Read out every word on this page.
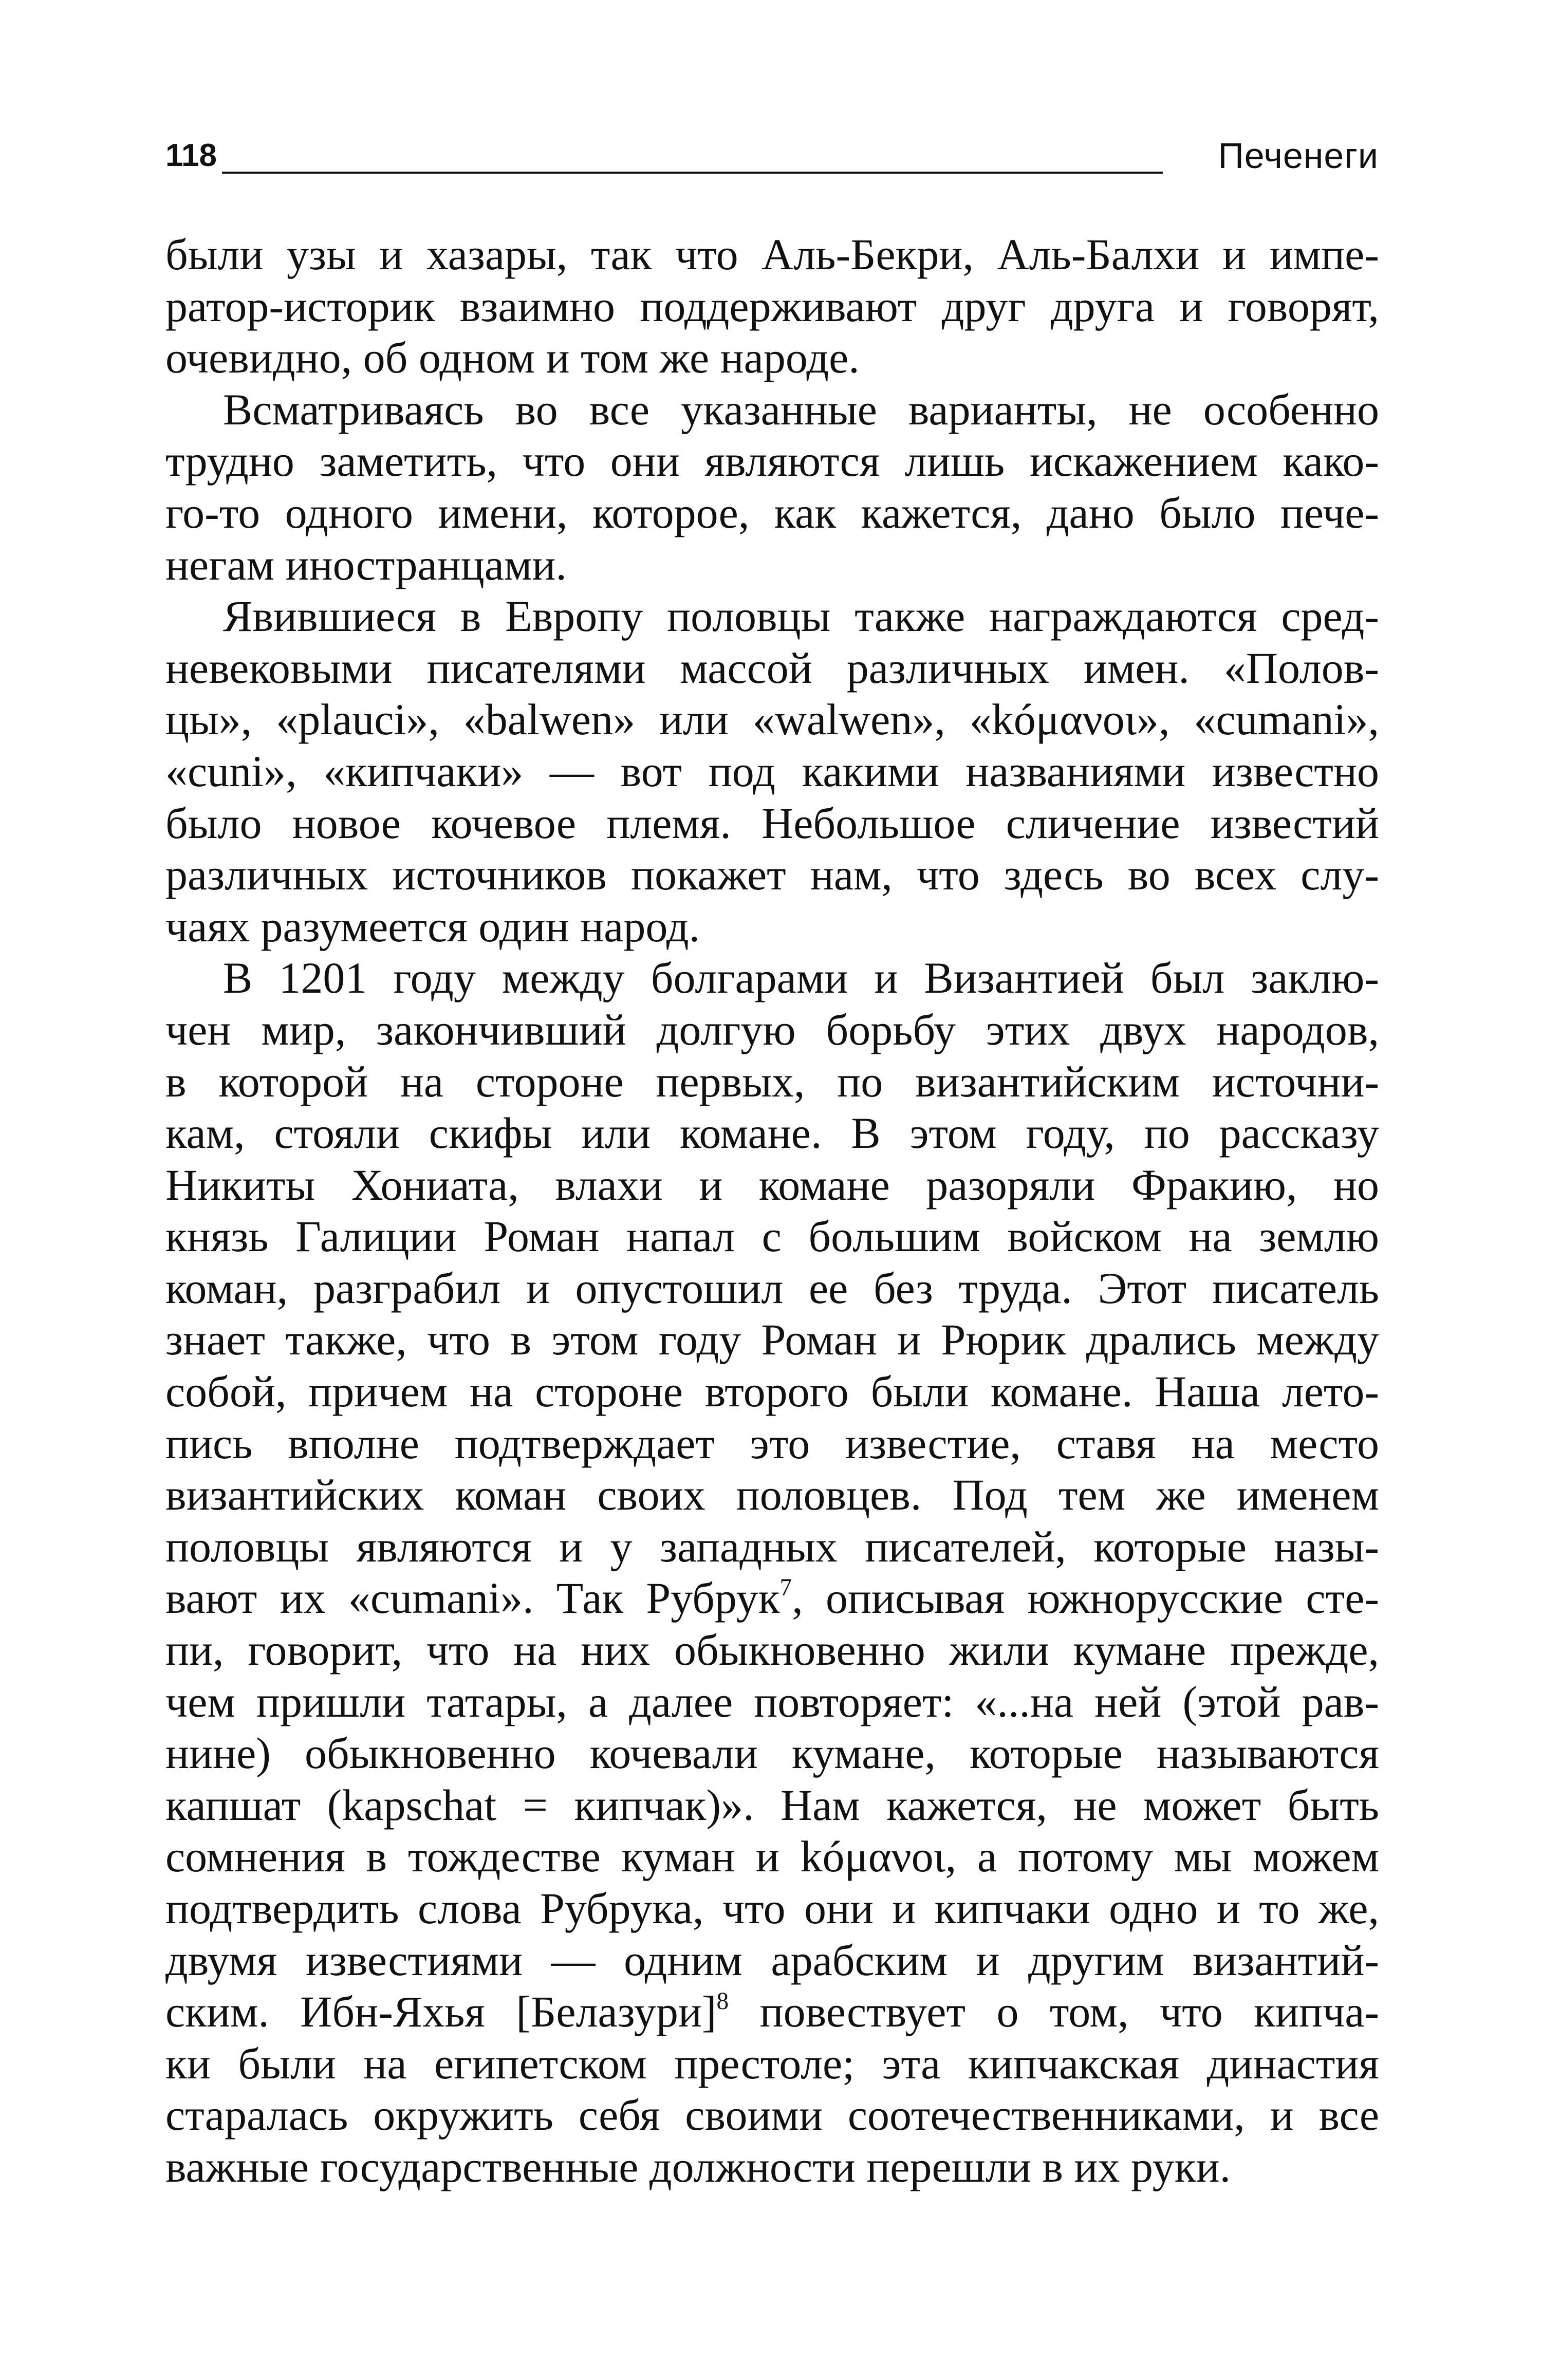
118	Печенеги
были узы и хазары, так что Аль-Бекри, Аль-Балхи и импе-
ратор-историк взаимно поддерживают друг друга и говорят,
очевидно, об одном и том же народе.
Всматриваясь во все указанные варианты, не особенно
трудно заметить, что они являются лишь искажением како-
го-то одного имени, которое, как кажется, дано было пече-
негам иностранцами.
Явившиеся в Европу половцы также награждаются сред-
невековыми писателями массой различных имен. «Полов-
цы», «plauci», «balwen» или «walwen», «kóμανοι», «cumani»,
«cuni», «кипчаки» — вот под какими названиями известно
было новое кочевое племя. Небольшое сличение известий
различных источников покажет нам, что здесь во всех слу-
чаях разумеется один народ.
В 1201 году между болгарами и Византией был заклю-
чен мир, закончивший долгую борьбу этих двух народов,
в которой на стороне первых, по византийским источни-
кам, стояли скифы или команe. В этом году, по рассказу
Никиты Хониата, влахи и команe разоряли Фракию, но
князь Галиции Роман напал с большим войском на землю
коман, разграбил и опустошил ее без труда. Этот писатель
знает также, что в этом году Роман и Рюрик дрались между
собой, причем на стороне второго были команe. Наша лето-
пись вполне подтверждает это известие, ставя на место
византийских коман своих половцев. Под тем же именем
половцы являются и у западных писателей, которые назы-
вают их «cumani». Так Рубрук$^7$, описывая южнорусские сте-
пи, говорит, что на них обыкновенно жили куманe прежде,
чем пришли татары, а далее повторяет: «...на ней (этой рав-
нине) обыкновенно кочевали куманe, которые называются
капшат (kapschat = кипчак)». Нам кажется, не может быть
сомнения в тождестве куман и kóμανοι, а потому мы можем
подтвердить слова Рубрука, что они и кипчаки одно и то же,
двумя известиями — одним арабским и другим византий-
ским. Ибн-Яхья [Белазури]$^8$ повествует о том, что кипча-
ки были на египетском престоле; эта кипчакская династия
старалась окружить себя своими соотечественниками, и все
важные государственные должности перешли в их руки.
